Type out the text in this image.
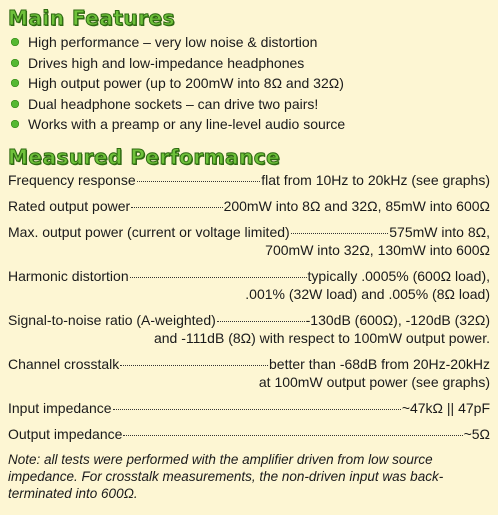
Main Features
High performance – very low noise & distortion
Drives high and low-impedance headphones
High output power (up to 200mW into 8Ω and 32Ω)
Dual headphone sockets – can drive two pairs!
Works with a preamp or any line-level audio source
Measured Performance
Frequency response	flat from 10Hz to 20kHz (see graphs)
Rated output power	200mW into 8Ω and 32Ω, 85mW into 600Ω
Max. output power (current or voltage limited)	575mW into 8Ω,
700mW into 32Ω, 130mW into 600Ω
Harmonic distortion	typically .0005% (600Ω load),
.001% (32W load) and .005% (8Ω load)
Signal-to-noise ratio (A-weighted)	-130dB (600Ω), -120dB (32Ω)
and -111dB (8Ω) with respect to 100mW output power.
Channel crosstalk	better than -68dB from 20Hz-20kHz
at 100mW output power (see graphs)
Input impedance	~47kΩ || 47pF
Output impedance	~5Ω
Note: all tests were performed with the amplifier driven from low source impedance. For crosstalk measurements, the non-driven input was back-terminated into 600Ω.
